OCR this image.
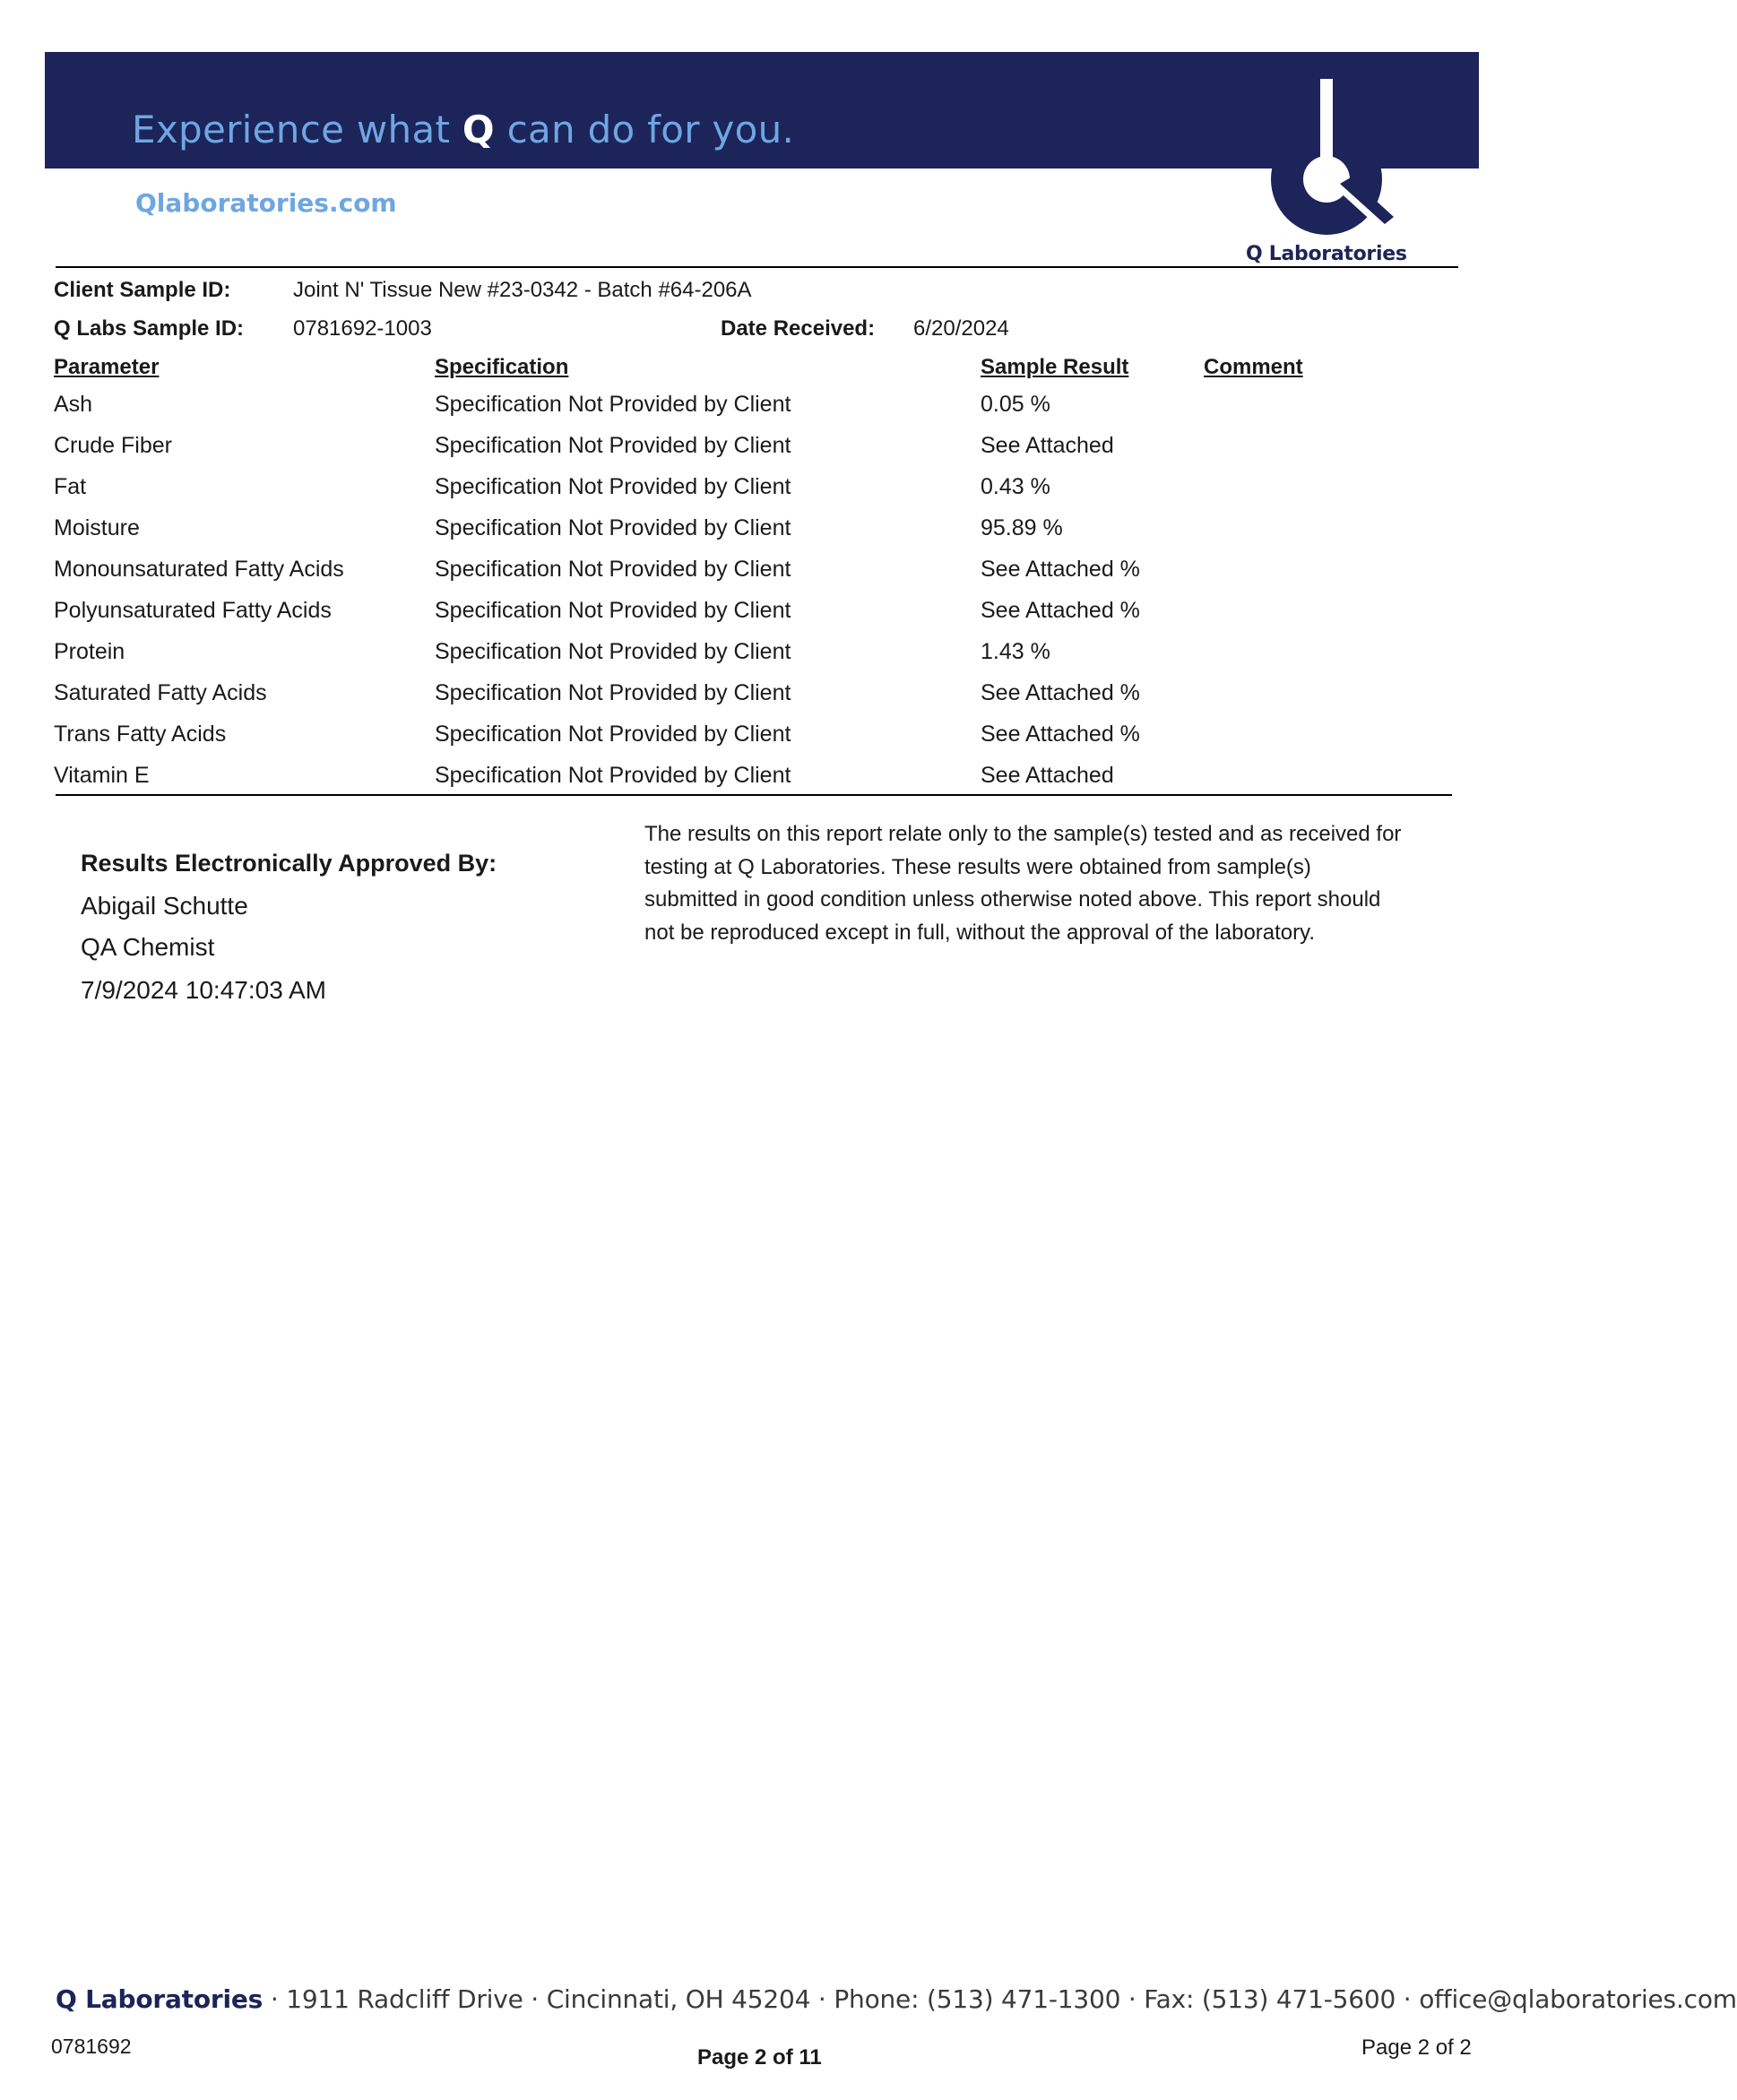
Experience what Q can do for you.
Qlaboratories.com
Q Laboratories
Client Sample ID:	Joint N' Tissue New #23-0342 - Batch #64-206A
Q Labs Sample ID: 0781692-1003	Date Received: 6/20/2024
Parameter	Specification	Sample Result	Comment
Ash	Specification Not Provided by Client	0.05 %
Crude Fiber	Specification Not Provided by Client	See Attached
Fat	Specification Not Provided by Client	0.43 %
Moisture	Specification Not Provided by Client	95.89 %
Monounsaturated Fatty Acids	Specification Not Provided by Client	See Attached %
Polyunsaturated Fatty Acids	Specification Not Provided by Client	See Attached %
Protein	Specification Not Provided by Client	1.43 %
Saturated Fatty Acids	Specification Not Provided by Client	See Attached %
Trans Fatty Acids	Specification Not Provided by Client	See Attached %
Vitamin E	Specification Not Provided by Client	See Attached
Results Electronically Approved By:
Abigail Schutte
QA Chemist
7/9/2024 10:47:03 AM
The results on this report relate only to the sample(s) tested and as received for testing at Q Laboratories. These results were obtained from sample(s) submitted in good condition unless otherwise noted above. This report should not be reproduced except in full, without the approval of the laboratory.
Q Laboratories · 1911 Radcliff Drive · Cincinnati, OH 45204 · Phone: (513) 471-1300 · Fax: (513) 471-5600 · office@qlaboratories.com
0781692	Page 2 of 11	Page 2 of 2
